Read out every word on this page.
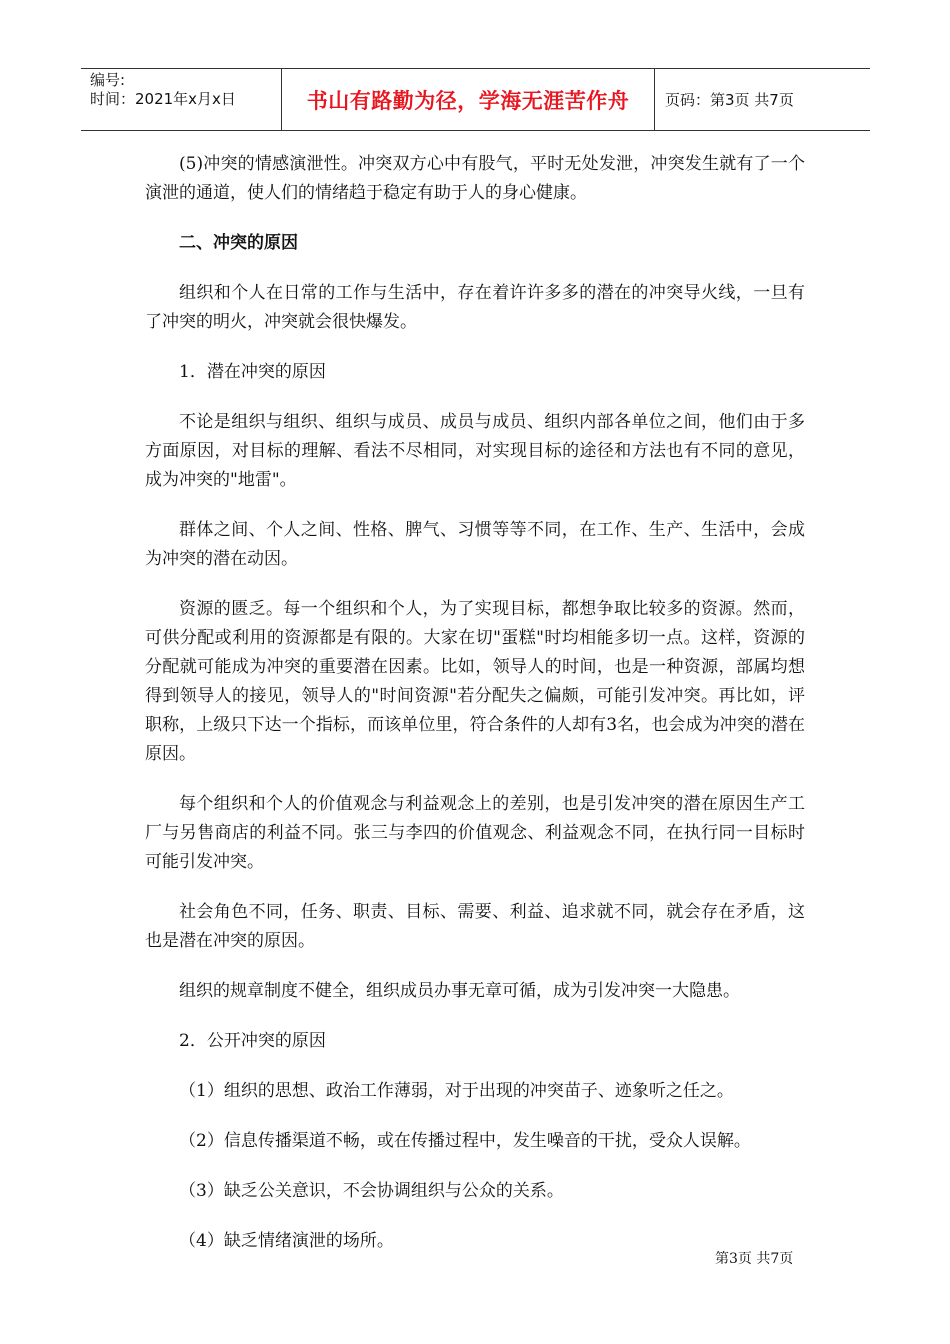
编号:
时间：2021年x月x日	书山有路勤为径，学海无涯苦作舟	页码：第3页 共7页

(5)冲突的情感演泄性。冲突双方心中有股气，平时无处发泄，冲突发生就有了一个演泄的通道，使人们的情绪趋于稳定有助于人的身心健康。

二、冲突的原因

组织和个人在日常的工作与生活中，存在着许许多多的潜在的冲突导火线，一旦有了冲突的明火，冲突就会很快爆发。

1．潜在冲突的原因

不论是组织与组织、组织与成员、成员与成员、组织内部各单位之间，他们由于多方面原因，对目标的理解、看法不尽相同，对实现目标的途径和方法也有不同的意见，成为冲突的"地雷"。

群体之间、个人之间、性格、脾气、习惯等等不同，在工作、生产、生活中，会成为冲突的潜在动因。

资源的匮乏。每一个组织和个人，为了实现目标，都想争取比较多的资源。然而，可供分配或利用的资源都是有限的。大家在切"蛋糕"时均相能多切一点。这样，资源的分配就可能成为冲突的重要潜在因素。比如，领导人的时间，也是一种资源，部属均想得到领导人的接见，领导人的"时间资源"若分配失之偏颇，可能引发冲突。再比如，评职称，上级只下达一个指标，而该单位里，符合条件的人却有3名，也会成为冲突的潜在原因。

每个组织和个人的价值观念与利益观念上的差别，也是引发冲突的潜在原因生产工厂与另售商店的利益不同。张三与李四的价值观念、利益观念不同，在执行同一目标时可能引发冲突。

社会角色不同，任务、职责、目标、需要、利益、追求就不同，就会存在矛盾，这也是潜在冲突的原因。

组织的规章制度不健全，组织成员办事无章可循，成为引发冲突一大隐患。

2．公开冲突的原因

（1）组织的思想、政治工作薄弱，对于出现的冲突苗子、迹象听之任之。

（2）信息传播渠道不畅，或在传播过程中，发生噪音的干扰，受众人误解。

（3）缺乏公关意识，不会协调组织与公众的关系。

（4）缺乏情绪演泄的场所。

第3页 共7页
